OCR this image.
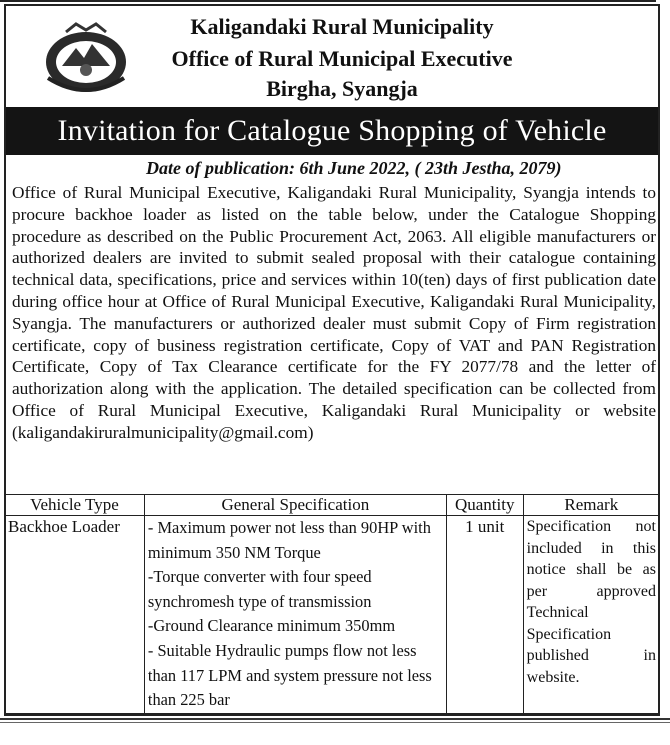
Kaligandaki Rural Municipality
Office of Rural Municipal Executive
Birgha, Syangja
Invitation for Catalogue Shopping of Vehicle
Date of publication: 6th June 2022, ( 23th Jestha, 2079)
Office of Rural Municipal Executive, Kaligandaki Rural Municipality, Syangja intends to procure backhoe loader as listed on the table below, under the Catalogue Shopping procedure as described on the Public Procurement Act, 2063. All eligible manufacturers or authorized dealers are invited to submit sealed proposal with their catalogue containing technical data, specifications, price and services within 10(ten) days of first publication date during office hour at Office of Rural Municipal Executive, Kaligandaki Rural Municipality, Syangja. The manufacturers or authorized dealer must submit Copy of Firm registration certificate, copy of business registration certificate, Copy of VAT and PAN Registration Certificate, Copy of Tax Clearance certificate for the FY 2077/78 and the letter of authorization along with the application. The detailed specification can be collected from Office of Rural Municipal Executive, Kaligandaki Rural Municipality or website (kaligandakiruralmunicipality@gmail.com)
Vehicle Type	General Specification	Quantity	Remark
Backhoe Loader	- Maximum power not less than 90HP with minimum 350 NM Torque
-Torque converter with four speed synchromesh type of transmission
-Ground Clearance minimum 350mm
- Suitable Hydraulic pumps flow not less than 117 LPM and system pressure not less than 225 bar	1 unit	Specification not included in this notice shall be as per approved Technical Specification published in website.
